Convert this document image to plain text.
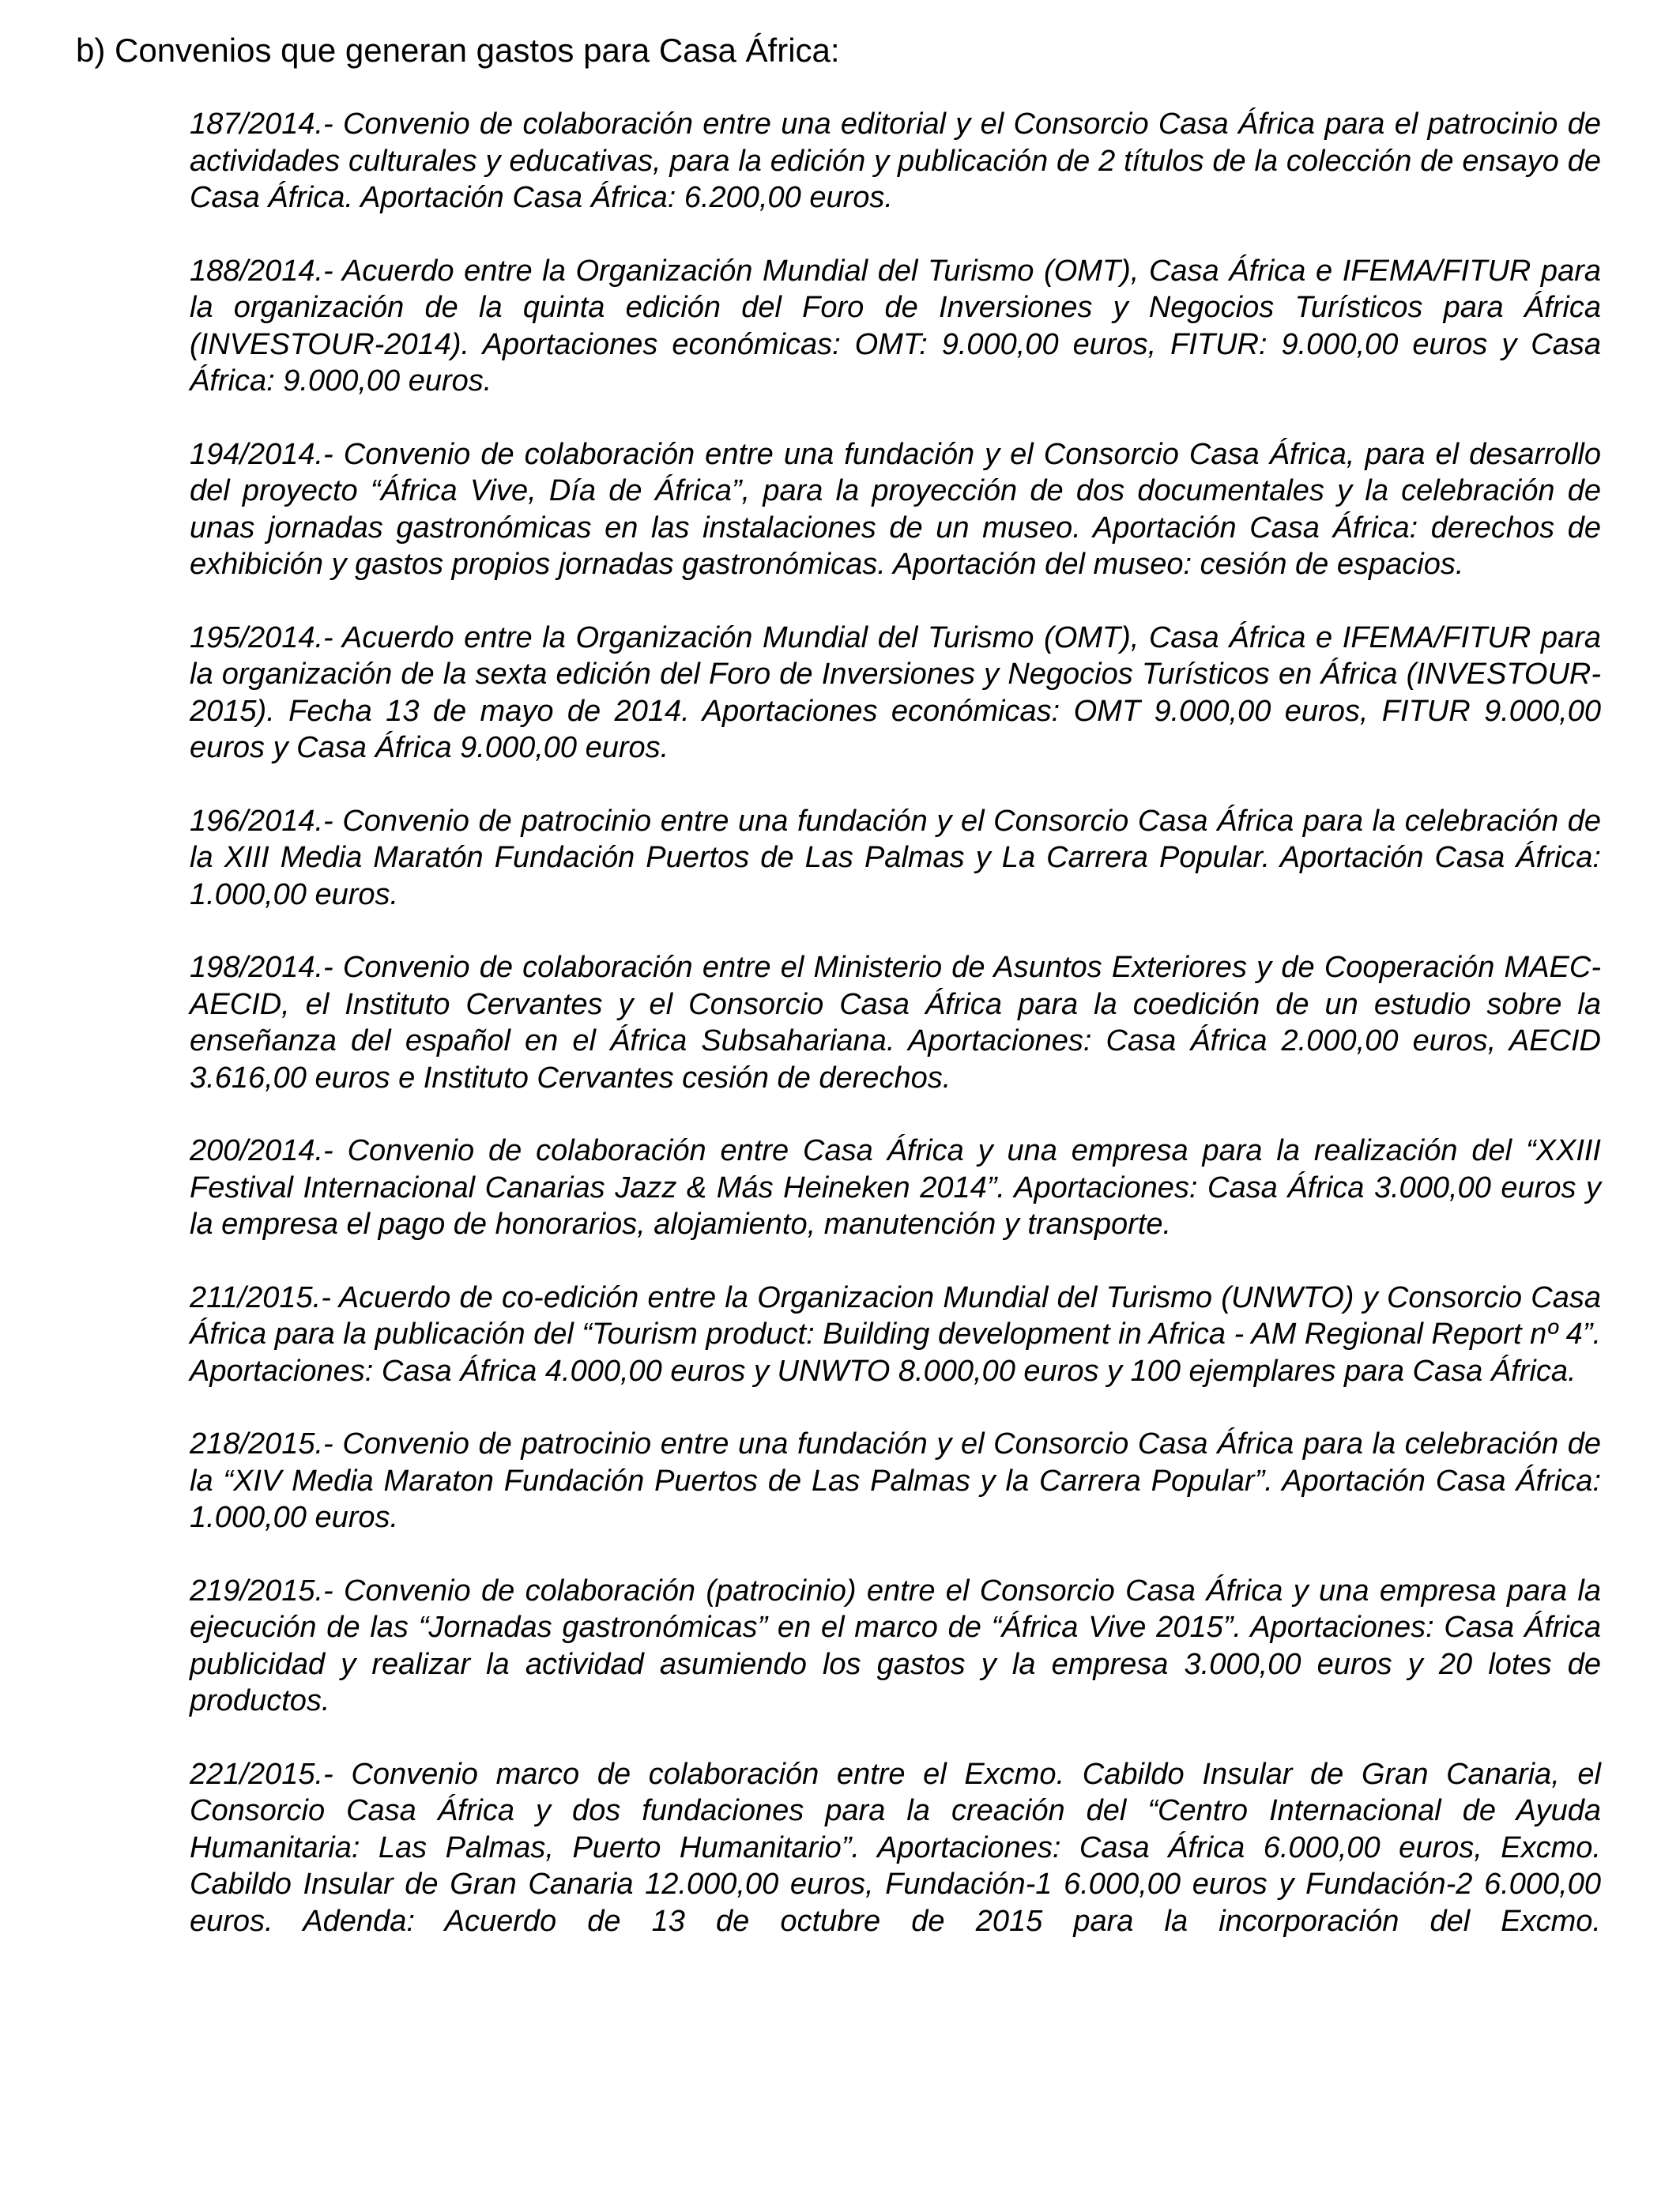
b) Convenios que generan gastos para Casa África:

187/2014.- Convenio de colaboración entre una editorial y el Consorcio Casa África para el patrocinio de actividades culturales y educativas, para la edición y publicación de 2 títulos de la colección de ensayo de Casa África. Aportación Casa África: 6.200,00 euros.

188/2014.- Acuerdo entre la Organización Mundial del Turismo (OMT), Casa África e IFEMA/FITUR para la organización de la quinta edición del Foro de Inversiones y Negocios Turísticos para África (INVESTOUR-2014). Aportaciones económicas: OMT: 9.000,00 euros, FITUR: 9.000,00 euros y Casa África: 9.000,00 euros.

194/2014.- Convenio de colaboración entre una fundación y el Consorcio Casa África, para el desarrollo del proyecto “África Vive, Día de África”, para la proyección de dos documentales y la celebración de unas jornadas gastronómicas en las instalaciones de un museo. Aportación Casa África: derechos de exhibición y gastos propios jornadas gastronómicas. Aportación del museo: cesión de espacios.

195/2014.- Acuerdo entre la Organización Mundial del Turismo (OMT), Casa África e IFEMA/FITUR para la organización de la sexta edición del Foro de Inversiones y Negocios Turísticos en África (INVESTOUR-2015). Fecha 13 de mayo de 2014. Aportaciones económicas: OMT 9.000,00 euros, FITUR 9.000,00 euros y Casa África 9.000,00 euros.

196/2014.- Convenio de patrocinio entre una fundación y el Consorcio Casa África para la celebración de la XIII Media Maratón Fundación Puertos de Las Palmas y La Carrera Popular. Aportación Casa África: 1.000,00 euros.

198/2014.- Convenio de colaboración entre el Ministerio de Asuntos Exteriores y de Cooperación MAEC-AECID, el Instituto Cervantes y el Consorcio Casa África para la coedición de un estudio sobre la enseñanza del español en el África Subsahariana. Aportaciones: Casa África 2.000,00 euros, AECID 3.616,00 euros e Instituto Cervantes cesión de derechos.

200/2014.- Convenio de colaboración entre Casa África y una empresa para la realización del “XXIII Festival Internacional Canarias Jazz & Más Heineken 2014”. Aportaciones: Casa África 3.000,00 euros y la empresa el pago de honorarios, alojamiento, manutención y transporte.

211/2015.- Acuerdo de co-edición entre la Organizacion Mundial del Turismo (UNWTO) y Consorcio Casa África para la publicación del “Tourism product: Building development in Africa - AM Regional Report nº 4”. Aportaciones: Casa África 4.000,00 euros y UNWTO 8.000,00 euros y 100 ejemplares para Casa África.

218/2015.- Convenio de patrocinio entre una fundación y el Consorcio Casa África para la celebración de la “XIV Media Maraton Fundación Puertos de Las Palmas y la Carrera Popular”. Aportación Casa África: 1.000,00 euros.

219/2015.- Convenio de colaboración (patrocinio) entre el Consorcio Casa África y una empresa para la ejecución de las “Jornadas gastronómicas” en el marco de “África Vive 2015”. Aportaciones: Casa África publicidad y realizar la actividad asumiendo los gastos y la empresa 3.000,00 euros y 20 lotes de productos.

221/2015.- Convenio marco de colaboración entre el Excmo. Cabildo Insular de Gran Canaria, el Consorcio Casa África y dos fundaciones para la creación del “Centro Internacional de Ayuda Humanitaria: Las Palmas, Puerto Humanitario”. Aportaciones: Casa África 6.000,00 euros, Excmo. Cabildo Insular de Gran Canaria 12.000,00 euros, Fundación-1 6.000,00 euros y Fundación-2 6.000,00 euros. Adenda: Acuerdo de 13 de octubre de 2015 para la incorporación del Excmo.
